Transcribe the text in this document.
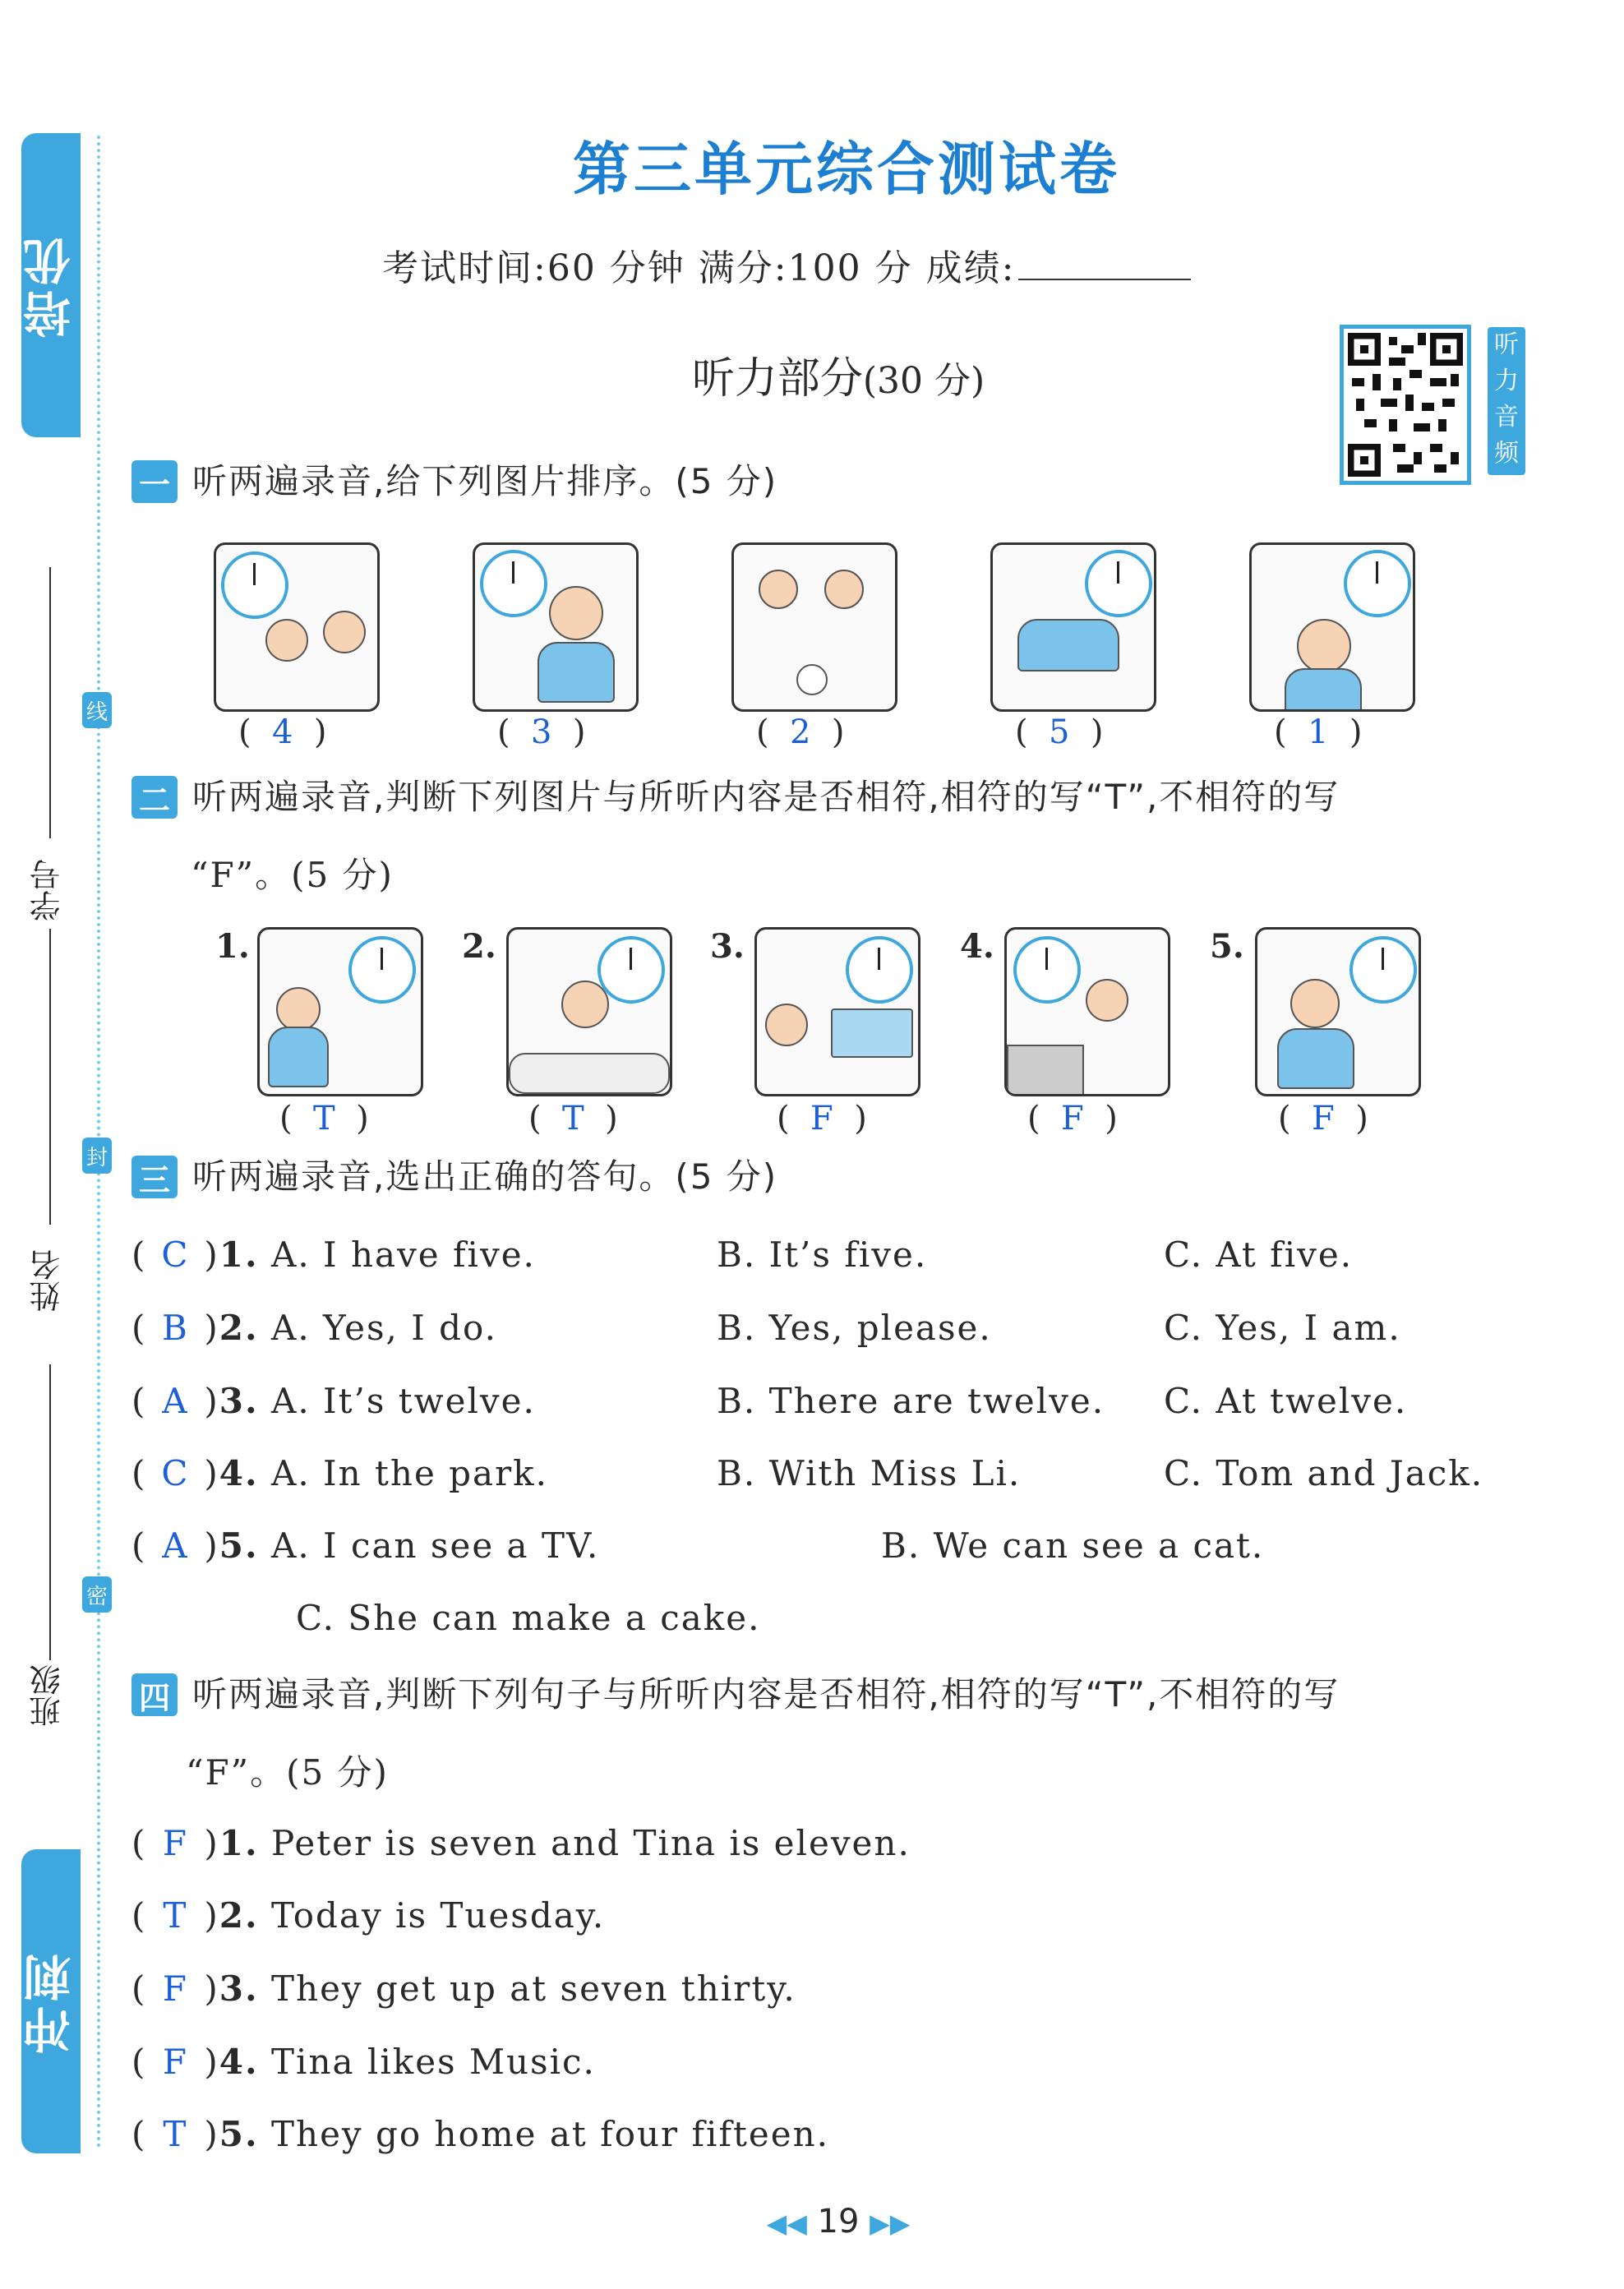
培优
冲刺
线
封
密
学号
姓名
班级
第三单元综合测试卷
考试时间:60 分钟 满分:100 分 成绩:
听力部分(30 分)
听
力
音
频
一 听两遍录音,给下列图片排序。(5 分)
(  4  )	(  3  )	(  2  )	(  5  )	(  1  )
二 听两遍录音,判断下列图片与所听内容是否相符,相符的写“T”,不相符的写
“F”。(5 分)
1.	2.	3.	4.	5.
(  T  )	(  T  )	(  F  )	(  F  )	(  F  )
三 听两遍录音,选出正确的答句。(5 分)
( C )1. A. I have five.	B. It’s five.	C. At five.
( B )2. A. Yes, I do.	B. Yes, please.	C. Yes, I am.
( A )3. A. It’s twelve.	B. There are twelve. C. At twelve.
( C )4. A. In the park.	B. With Miss Li.	C. Tom and Jack.
( A )5. A. I can see a TV.	B. We can see a cat.
C. She can make a cake.
四 听两遍录音,判断下列句子与所听内容是否相符,相符的写“T”,不相符的写
“F”。(5 分)
( F )1. Peter is seven and Tina is eleven.
( T )2. Today is Tuesday.
( F )3. They get up at seven thirty.
( F )4. Tina likes Music.
( T )5. They go home at four fifteen.
◀◀ 19 ▶▶
